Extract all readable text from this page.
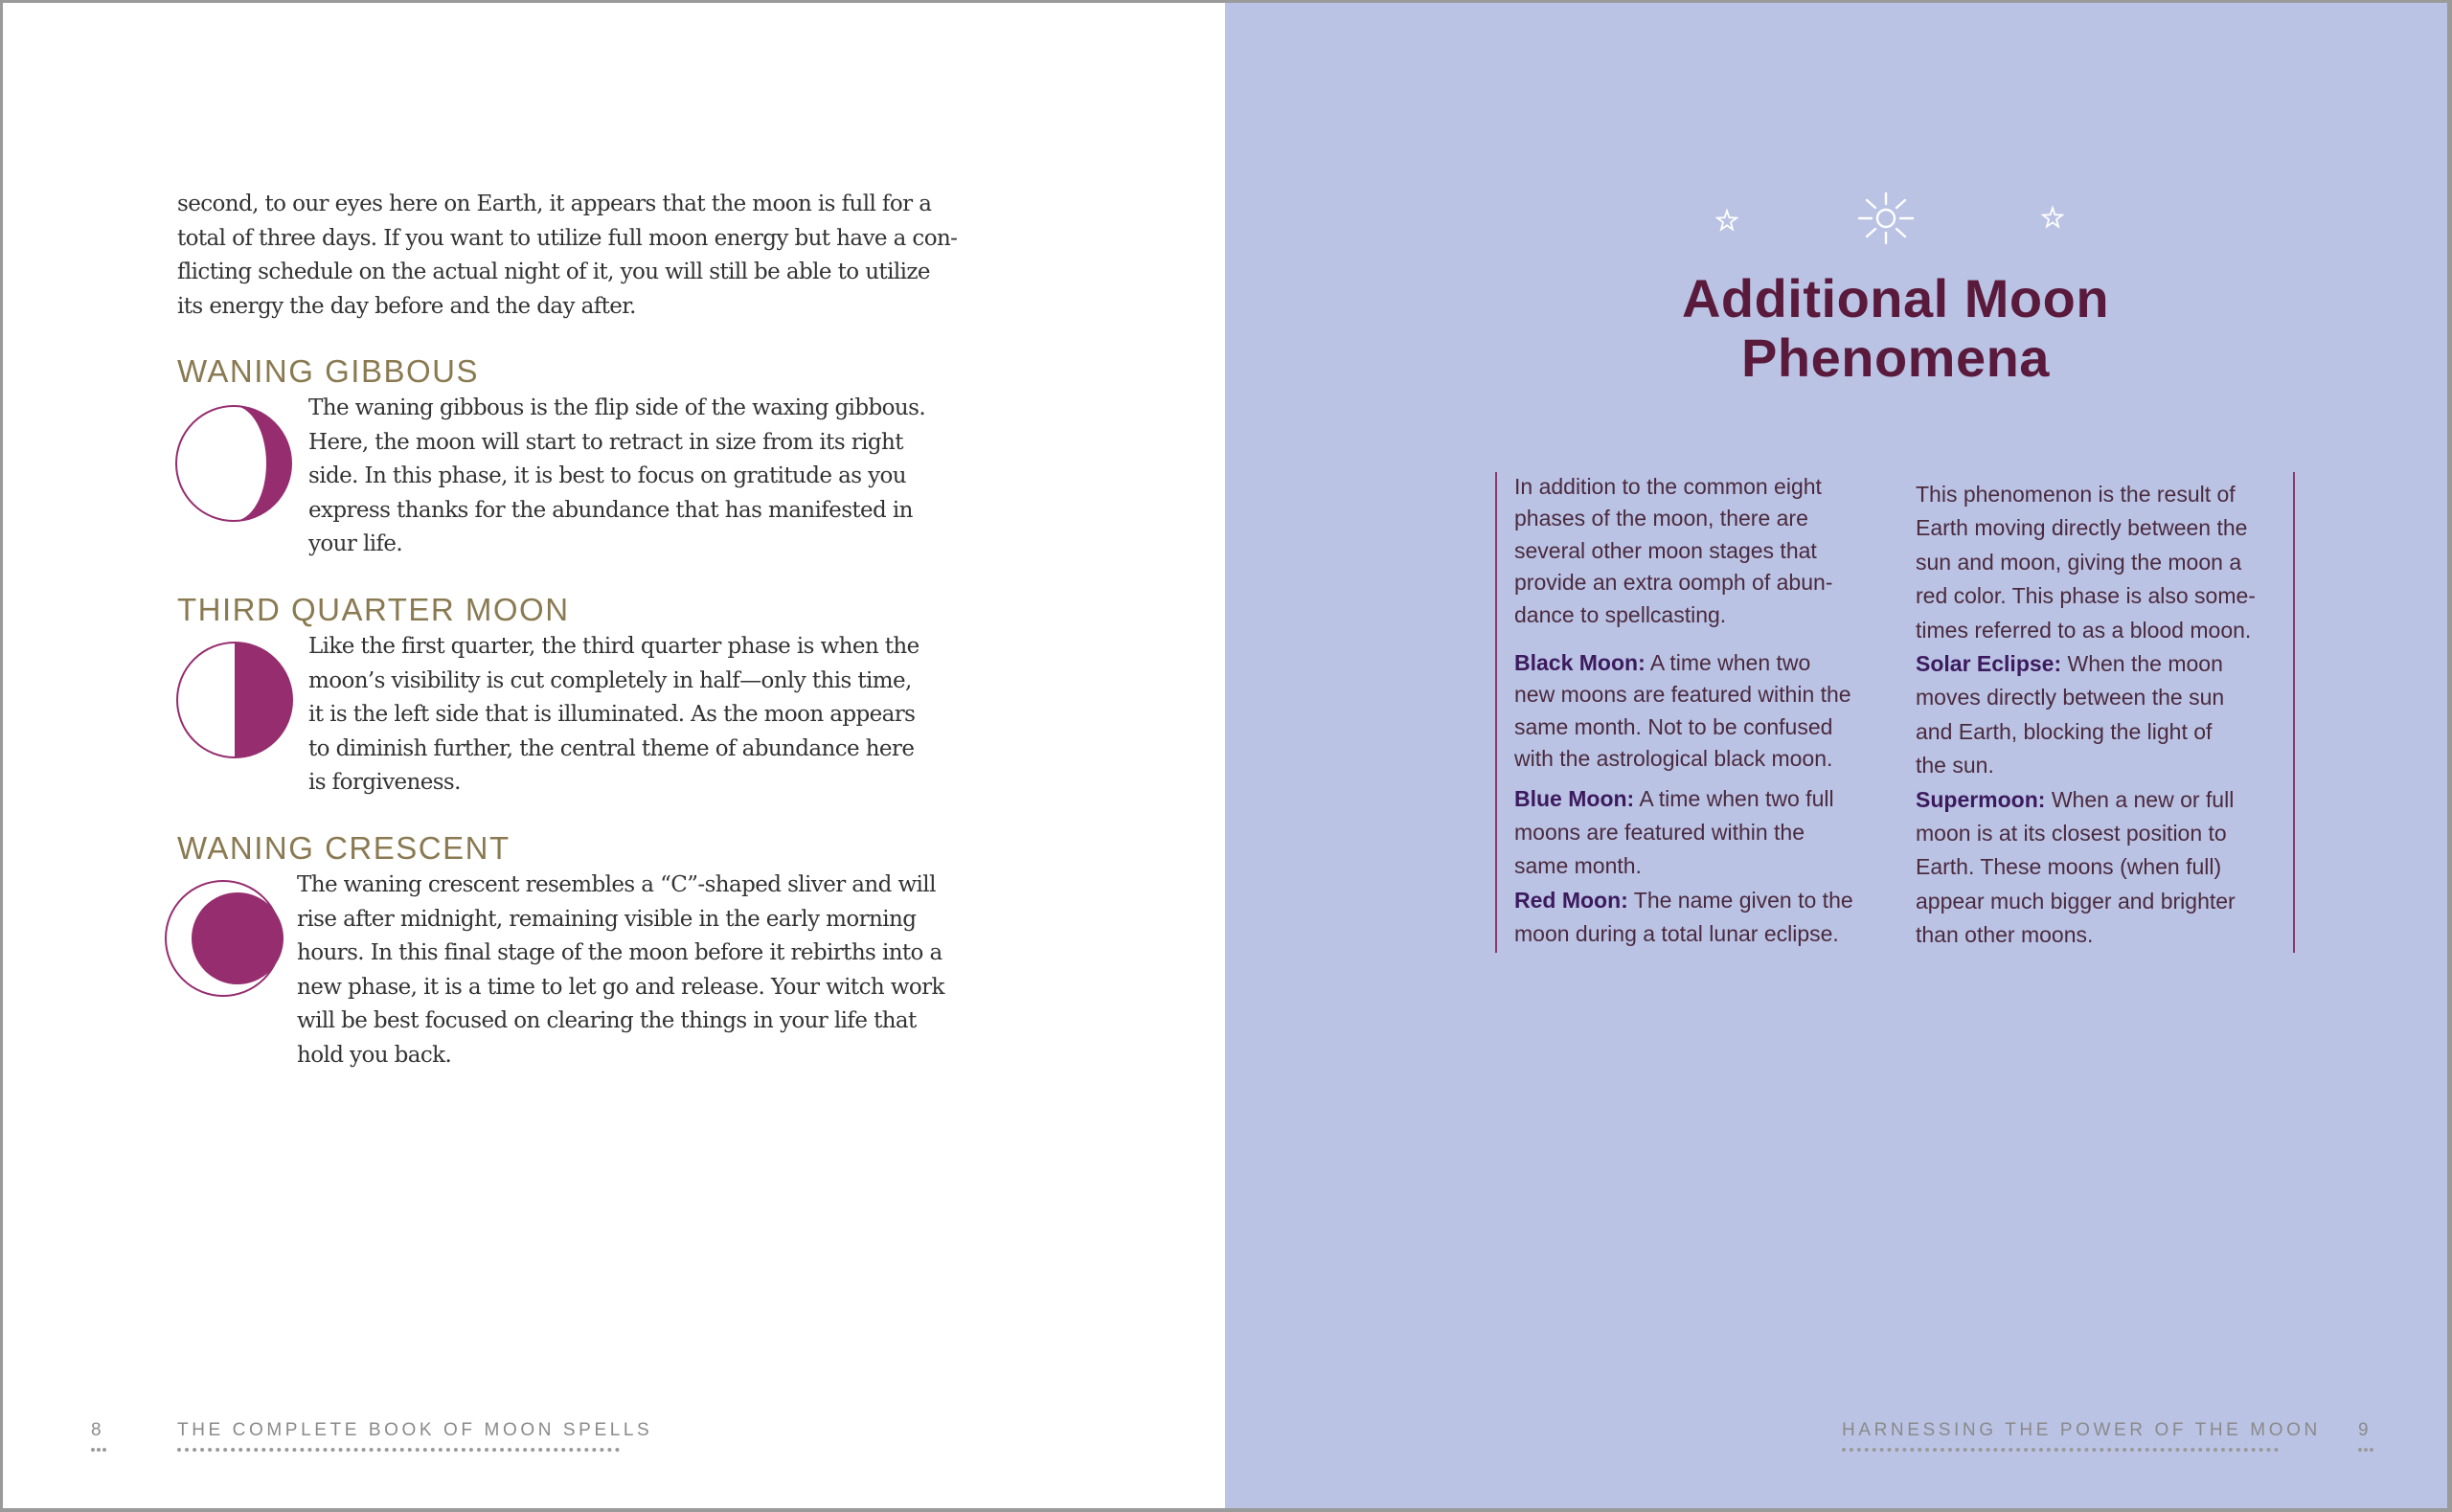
second, to our eyes here on Earth, it appears that the moon is full for a
total of three days. If you want to utilize full moon energy but have a con-
flicting schedule on the actual night of it, you will still be able to utilize
its energy the day before and the day after.

WANING GIBBOUS

The waning gibbous is the flip side of the waxing gibbous.
Here, the moon will start to retract in size from its right
side. In this phase, it is best to focus on gratitude as you
express thanks for the abundance that has manifested in
your life.

THIRD QUARTER MOON

Like the first quarter, the third quarter phase is when the
moon’s visibility is cut completely in half—only this time,
it is the left side that is illuminated. As the moon appears
to diminish further, the central theme of abundance here
is forgiveness.

WANING CRESCENT

The waning crescent resembles a “C”-shaped sliver and will
rise after midnight, remaining visible in the early morning
hours. In this final stage of the moon before it rebirths into a
new phase, it is a time to let go and release. Your witch work
will be best focused on clearing the things in your life that
hold you back.

8	THE COMPLETE BOOK OF MOON SPELLS
Additional Moon
Phenomena

In addition to the common eight
phases of the moon, there are
several other moon stages that
provide an extra oomph of abun-
dance to spellcasting.

Black Moon: A time when two
new moons are featured within the
same month. Not to be confused
with the astrological black moon.

Blue Moon: A time when two full
moons are featured within the
same month.

Red Moon: The name given to the
moon during a total lunar eclipse.

This phenomenon is the result of
Earth moving directly between the
sun and moon, giving the moon a
red color. This phase is also some-
times referred to as a blood moon.

Solar Eclipse: When the moon
moves directly between the sun
and Earth, blocking the light of
the sun.

Supermoon: When a new or full
moon is at its closest position to
Earth. These moons (when full)
appear much bigger and brighter
than other moons.

HARNESSING THE POWER OF THE MOON 9
